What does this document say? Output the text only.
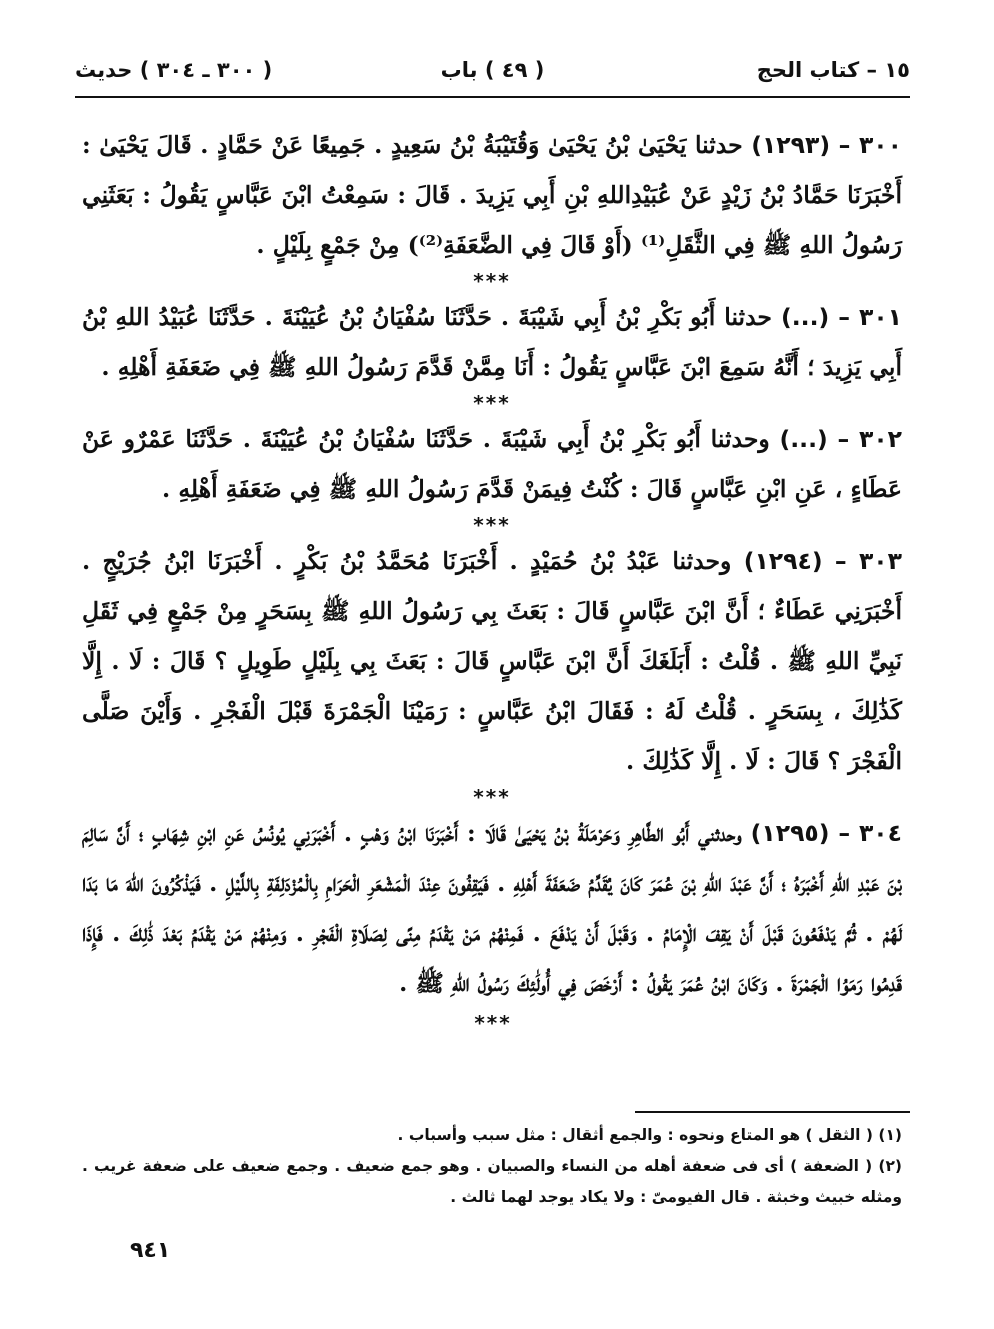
١٥ – كتاب الحج
( ٤٩ ) باب
( ٣٠٠ ـ ٣٠٤ ) حديث

٣٠٠ – (١٢٩٣) حدثنا يَحْيَىٰ بْنُ يَحْيَىٰ وَقُتَيْبَةُ بْنُ سَعِيدٍ . جَمِيعًا عَنْ حَمَّادٍ . قَالَ يَحْيَىٰ : أَخْبَرَنَا حَمَّادُ بْنُ زَيْدٍ عَنْ عُبَيْدِاللهِ بْنِ أَبِي يَزِيدَ . قَالَ : سَمِعْتُ ابْنَ عَبَّاسٍ يَقُولُ : بَعَثَنِي رَسُولُ اللهِ ﷺ فِي الثَّقَلِ⁽¹⁾ (أَوْ قَالَ فِي الضَّعَفَةِ⁽²⁾) مِنْ جَمْعٍ بِلَيْلٍ .

***

٣٠١ – (...) حدثنا أَبُو بَكْرِ بْنُ أَبِي شَيْبَةَ . حَدَّثَنَا سُفْيَانُ بْنُ عُيَيْنَةَ . حَدَّثَنَا عُبَيْدُ اللهِ بْنُ أَبِي يَزِيدَ ؛ أَنَّهُ سَمِعَ ابْنَ عَبَّاسٍ يَقُولُ : أَنَا مِمَّنْ قَدَّمَ رَسُولُ اللهِ ﷺ فِي ضَعَفَةِ أَهْلِهِ .

***

٣٠٢ – (...) وحدثنا أَبُو بَكْرِ بْنُ أَبِي شَيْبَةَ . حَدَّثَنَا سُفْيَانُ بْنُ عُيَيْنَةَ . حَدَّثَنَا عَمْرٌو عَنْ عَطَاءٍ ، عَنِ ابْنِ عَبَّاسٍ قَالَ : كُنْتُ فِيمَنْ قَدَّمَ رَسُولُ اللهِ ﷺ فِي ضَعَفَةِ أَهْلِهِ .

***

٣٠٣ – (١٢٩٤) وحدثنا عَبْدُ بْنُ حُمَيْدٍ . أَخْبَرَنَا مُحَمَّدُ بْنُ بَكْرٍ . أَخْبَرَنَا ابْنُ جُرَيْجٍ . أَخْبَرَنِي عَطَاءٌ ؛ أَنَّ ابْنَ عَبَّاسٍ قَالَ : بَعَثَ بِي رَسُولُ اللهِ ﷺ بِسَحَرٍ مِنْ جَمْعٍ فِي ثَقَلِ نَبِيِّ اللهِ ﷺ . قُلْتُ : أَبَلَغَكَ أَنَّ ابْنَ عَبَّاسٍ قَالَ : بَعَثَ بِي بِلَيْلٍ طَوِيلٍ ؟ قَالَ : لَا . إِلَّا كَذَٰلِكَ ، بِسَحَرٍ . قُلْتُ لَهُ : فَقَالَ ابْنُ عَبَّاسٍ : رَمَيْنَا الْجَمْرَةَ قَبْلَ الْفَجْرِ . وَأَيْنَ صَلَّى الْفَجْرَ ؟ قَالَ : لَا . إِلَّا كَذَٰلِكَ .

***

٣٠٤ – (١٢٩٥) وحدثني أَبُو الطَّاهِرِ وَحَرْمَلَةُ بْنُ يَحْيَىٰ قَالَا : أَخْبَرَنَا ابْنُ وَهْبٍ . أَخْبَرَنِي يُونُسُ عَنِ ابْنِ شِهَابٍ ؛ أَنَّ سَالِمَ بْنَ عَبْدِ اللهِ أَخْبَرَهُ ؛ أَنَّ عَبْدَ اللهِ بْنَ عُمَرَ كَانَ يُقَدِّمُ ضَعَفَةَ أَهْلِهِ . فَيَقِفُونَ عِنْدَ الْمَشْعَرِ الْحَرَامِ بِالْمُزْدَلِفَةِ بِاللَّيْلِ . فَيَذْكُرُونَ اللهَ مَا بَدَا لَهُمْ . ثُمَّ يَدْفَعُونَ قَبْلَ أَنْ يَقِفَ الْإِمَامُ . وَقَبْلَ أَنْ يَدْفَعَ . فَمِنْهُمْ مَنْ يَقْدَمُ مِنًى لِصَلَاةِ الْفَجْرِ . وَمِنْهُمْ مَنْ يَقْدَمُ بَعْدَ ذَٰلِكَ . فَإِذَا قَدِمُوا رَمَوُا الْجَمْرَةَ . وَكَانَ ابْنُ عُمَرَ يَقُولُ : أَرْخَصَ فِي أُولَٰئِكَ رَسُولُ اللهِ ﷺ .

* * *

(١) ( الثقل ) هو المتاع ونحوه : والجمع أثقال : مثل سبب وأسباب .

(٢) ( الضعفة ) أى فى ضعفة أهله من النساء والصبيان . وهو جمع ضعيف . وجمع ضعيف على ضعفة غريب . ومثله خبيث وخبثة . قال الفيومىّ : ولا يكاد يوجد لهما ثالث .

٩٤١
